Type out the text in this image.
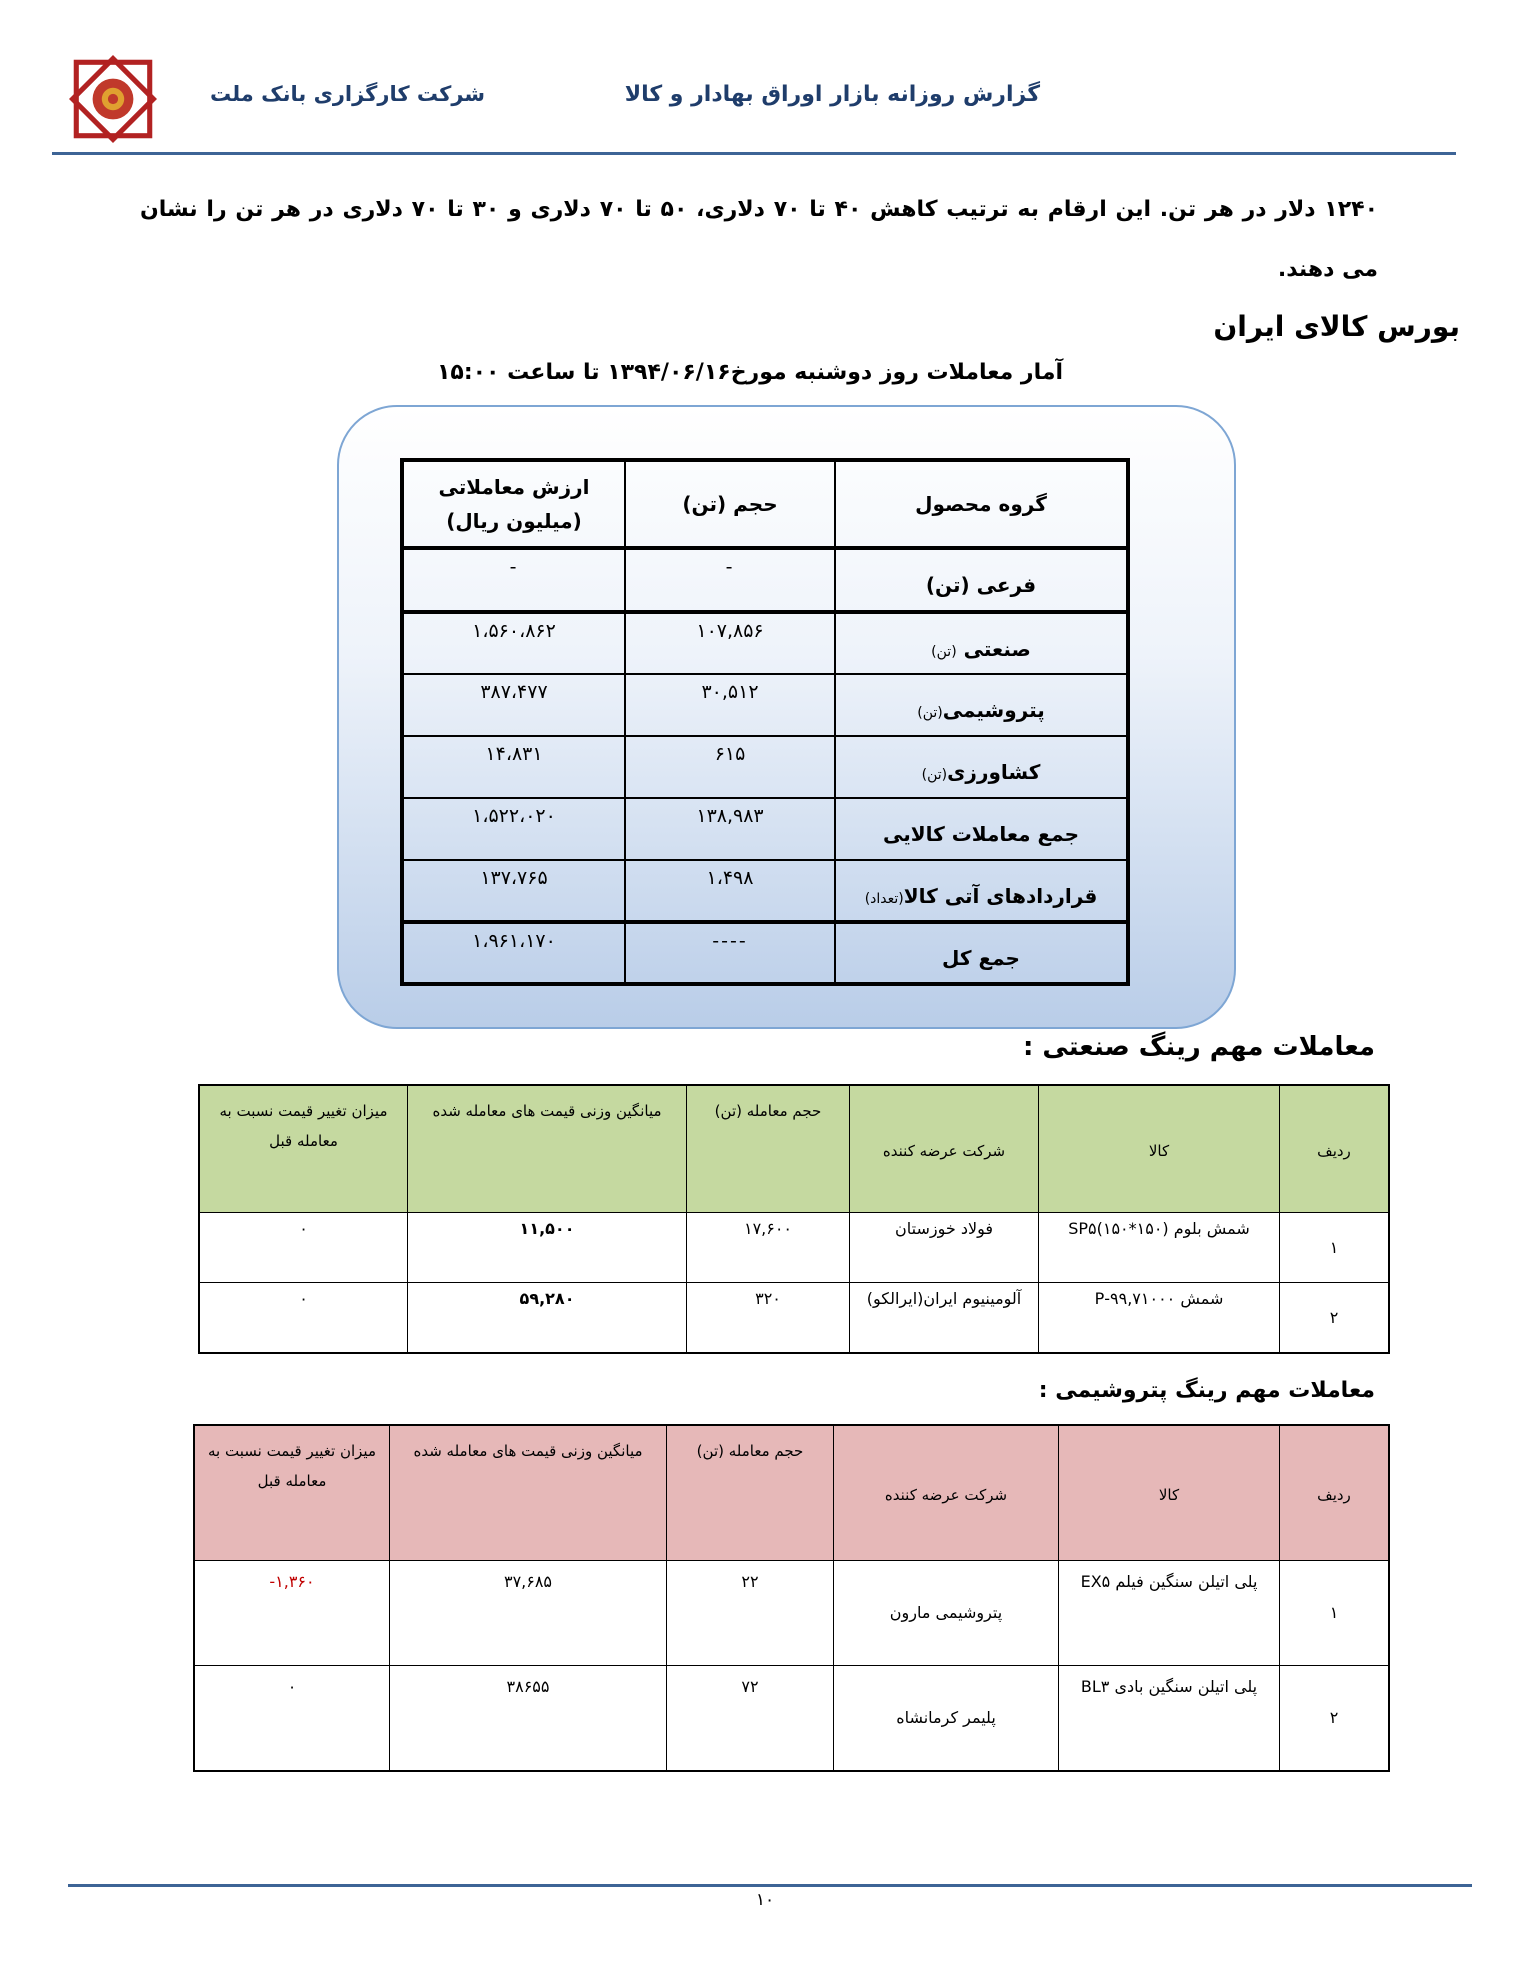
گزارش روزانه بازار اوراق بهادار و کالا
شرکت کارگزاری بانک ملت
۱۲۴۰ دلار در هر تن. این ارقام به ترتیب کاهش ۴۰ تا ۷۰ دلاری، ۵۰ تا ۷۰ دلاری و ۳۰ تا ۷۰ دلاری در هر تن را نشان می دهند.
بورس کالای ایران
آمار معاملات روز دوشنبه مورخ۱۳۹۴/۰۶/۱۶ تا ساعت ۱۵:۰۰
گروه محصول	حجم (تن)	ارزش معاملاتی (میلیون ریال)
فرعی (تن)	-	-
صنعتی (تن)	۱۰۷,۸۵۶	۱،۵۶۰،۸۶۲
پتروشیمی(تن)	۳۰,۵۱۲	۳۸۷،۴۷۷
کشاورزی(تن)	۶۱۵	۱۴،۸۳۱
جمع معاملات کالایی	۱۳۸,۹۸۳	۱،۵۲۲،۰۲۰
قراردادهای آتی کالا(تعداد)	۱،۴۹۸	۱۳۷،۷۶۵
جمع کل	----	۱،۹۶۱،۱۷۰
معاملات مهم رینگ صنعتی :
ردیف	کالا	شرکت عرضه کننده	حجم معامله (تن)	میانگین وزنی قیمت های معامله شده	میزان تغییر قیمت نسبت به معامله قبل
۱	شمش بلوم (۱۵۰*۱۵۰)SP۵	فولاد خوزستان	۱۷,۶۰۰	۱۱,۵۰۰	۰
۲	شمش ۹۹,۷۱۰۰۰-P	آلومینیوم ایران(ایرالکو)	۳۲۰	۵۹,۲۸۰	۰
معاملات مهم رینگ پتروشیمی :
ردیف	کالا	شرکت عرضه کننده	حجم معامله (تن)	میانگین وزنی قیمت های معامله شده	میزان تغییر قیمت نسبت به معامله قبل
۱	پلی اتیلن سنگین فیلم EX۵	پتروشیمی مارون	۲۲	۳۷,۶۸۵	۱,۳۶۰-
۲	پلی اتیلن سنگین بادی BL۳	پلیمر کرمانشاه	۷۲	۳۸۶۵۵	۰
۱۰
